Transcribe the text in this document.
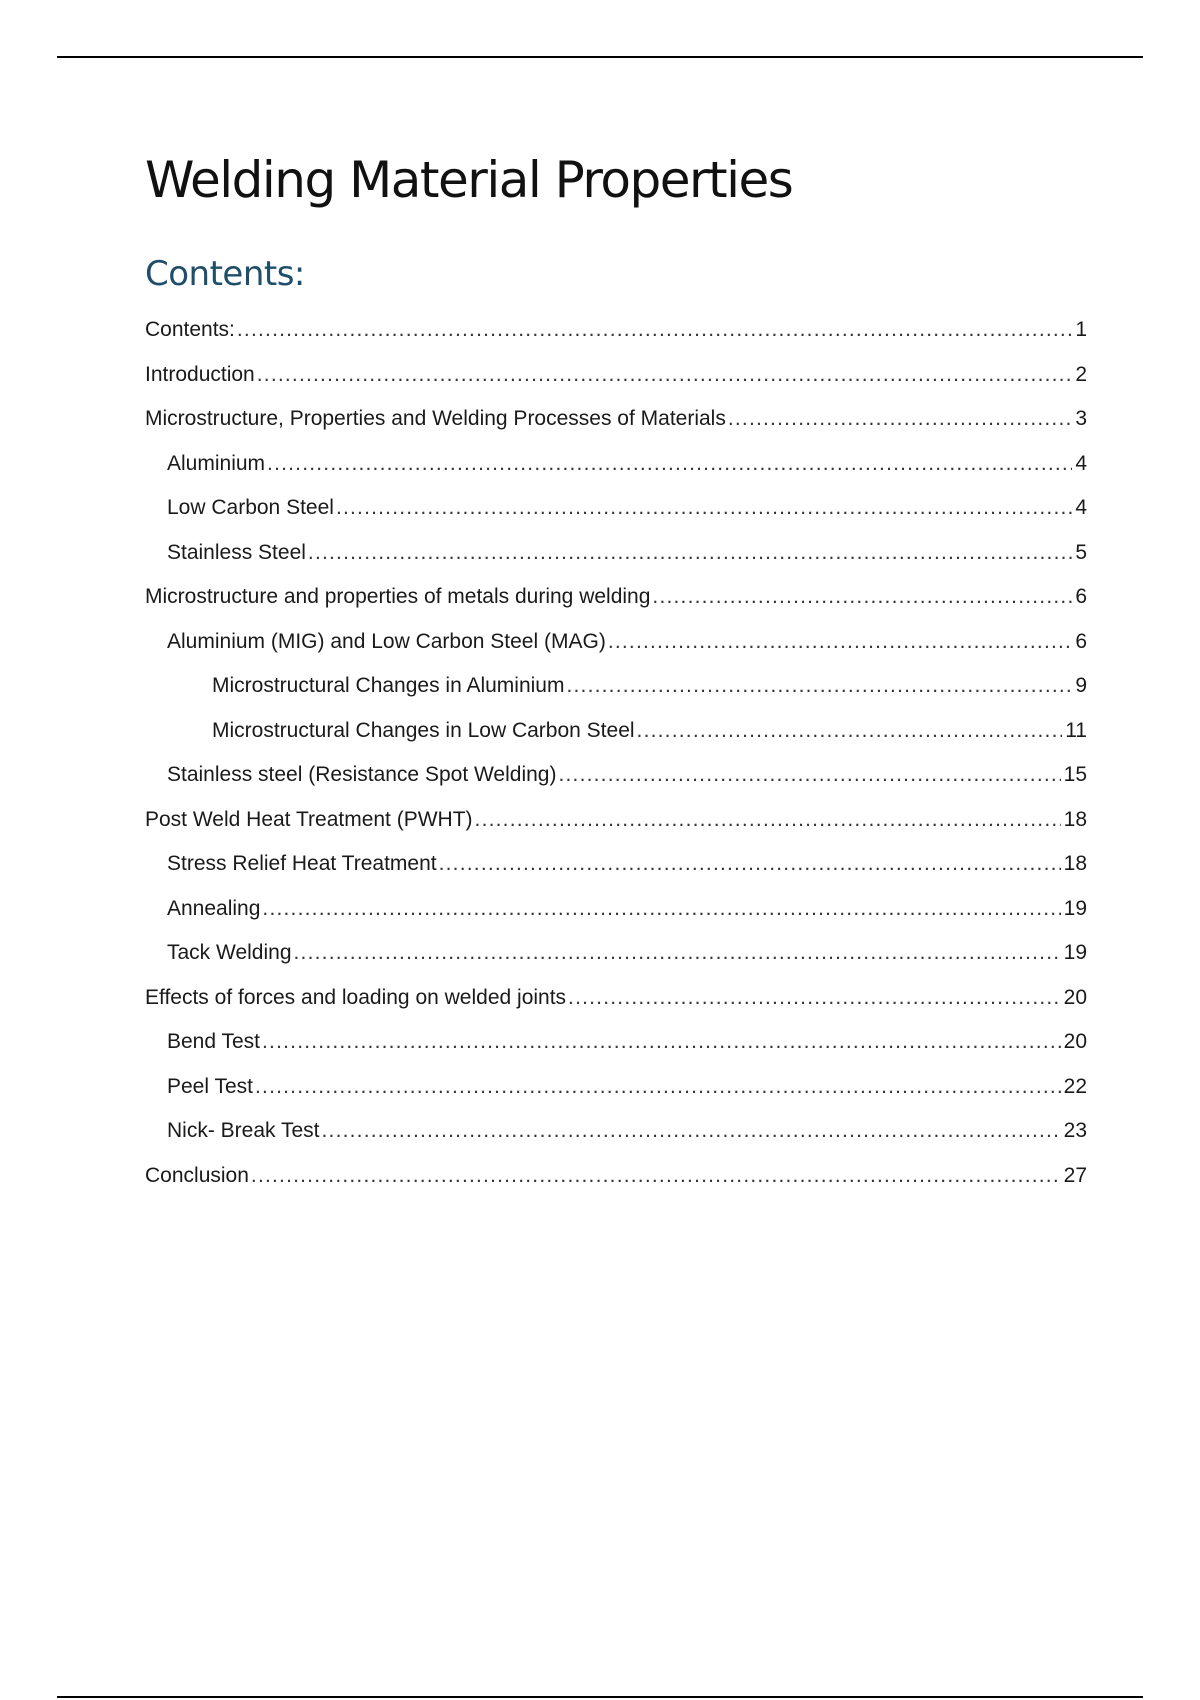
Welding Material Properties
Contents:
Contents: .....	1
Introduction .....	2
Microstructure, Properties and Welding Processes of Materials .....	3
Aluminium .....	4
Low Carbon Steel .....	4
Stainless Steel .....	5
Microstructure and properties of metals during welding .....	6
Aluminium (MIG) and Low Carbon Steel (MAG) .....	6
Microstructural Changes in Aluminium .....	9
Microstructural Changes in Low Carbon Steel .....	11
Stainless steel (Resistance Spot Welding) .....	15
Post Weld Heat Treatment (PWHT) .....	18
Stress Relief Heat Treatment .....	18
Annealing .....	19
Tack Welding .....	19
Effects of forces and loading on welded joints .....	20
Bend Test .....	20
Peel Test .....	22
Nick- Break Test .....	23
Conclusion .....	27
